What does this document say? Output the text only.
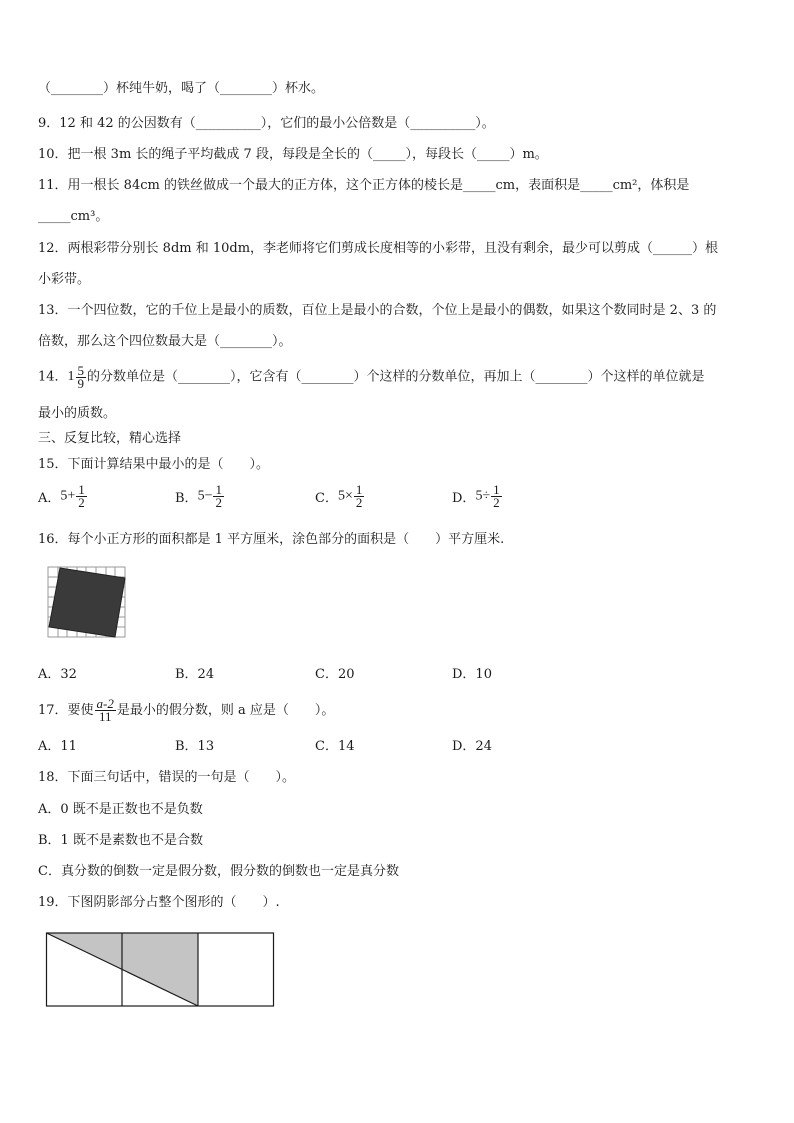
（________）杯纯牛奶，喝了（________）杯水。
9．12 和 42 的公因数有（__________），它们的最小公倍数是（__________）。
10．把一根 3m 长的绳子平均截成 7 段，每段是全长的（_____），每段长（_____）m。
11．用一根长 84cm 的铁丝做成一个最大的正方体，这个正方体的棱长是_____cm，表面积是_____cm²，体积是
_____cm³。
12．两根彩带分别长 8dm 和 10dm，李老师将它们剪成长度相等的小彩带，且没有剩余，最少可以剪成（______）根
小彩带。
13．一个四位数，它的千位上是最小的质数，百位上是最小的合数，个位上是最小的偶数，如果这个数同时是 2、3 的
倍数，那么这个四位数最大是（________）。
14．$1 \frac{5}{9}$ 的分数单位是（________），它含有（________）个这样的分数单位，再加上（________）个这样的单位就是
最小的质数。
三、反复比较，精心选择
15．下面计算结果中最小的是（　　）。
A．$5+ \frac{1}{2}$	B．$5- \frac{1}{2}$	C．$5\times \frac{1}{2}$	D．$5\div \frac{1}{2}$
16．每个小正方形的面积都是 1 平方厘米，涂色部分的面积是（　　）平方厘米.
A．32	B．24	C．20	D．10
17．要使 $\frac{a-2}{11}$ 是最小的假分数，则 a 应是（　　）。
A．11	B．13	C．14	D．24
18．下面三句话中，错误的一句是（　　）。
A．0 既不是正数也不是负数
B．1 既不是素数也不是合数
C．真分数的倒数一定是假分数，假分数的倒数也一定是真分数
19．下图阴影部分占整个图形的（　　）.
